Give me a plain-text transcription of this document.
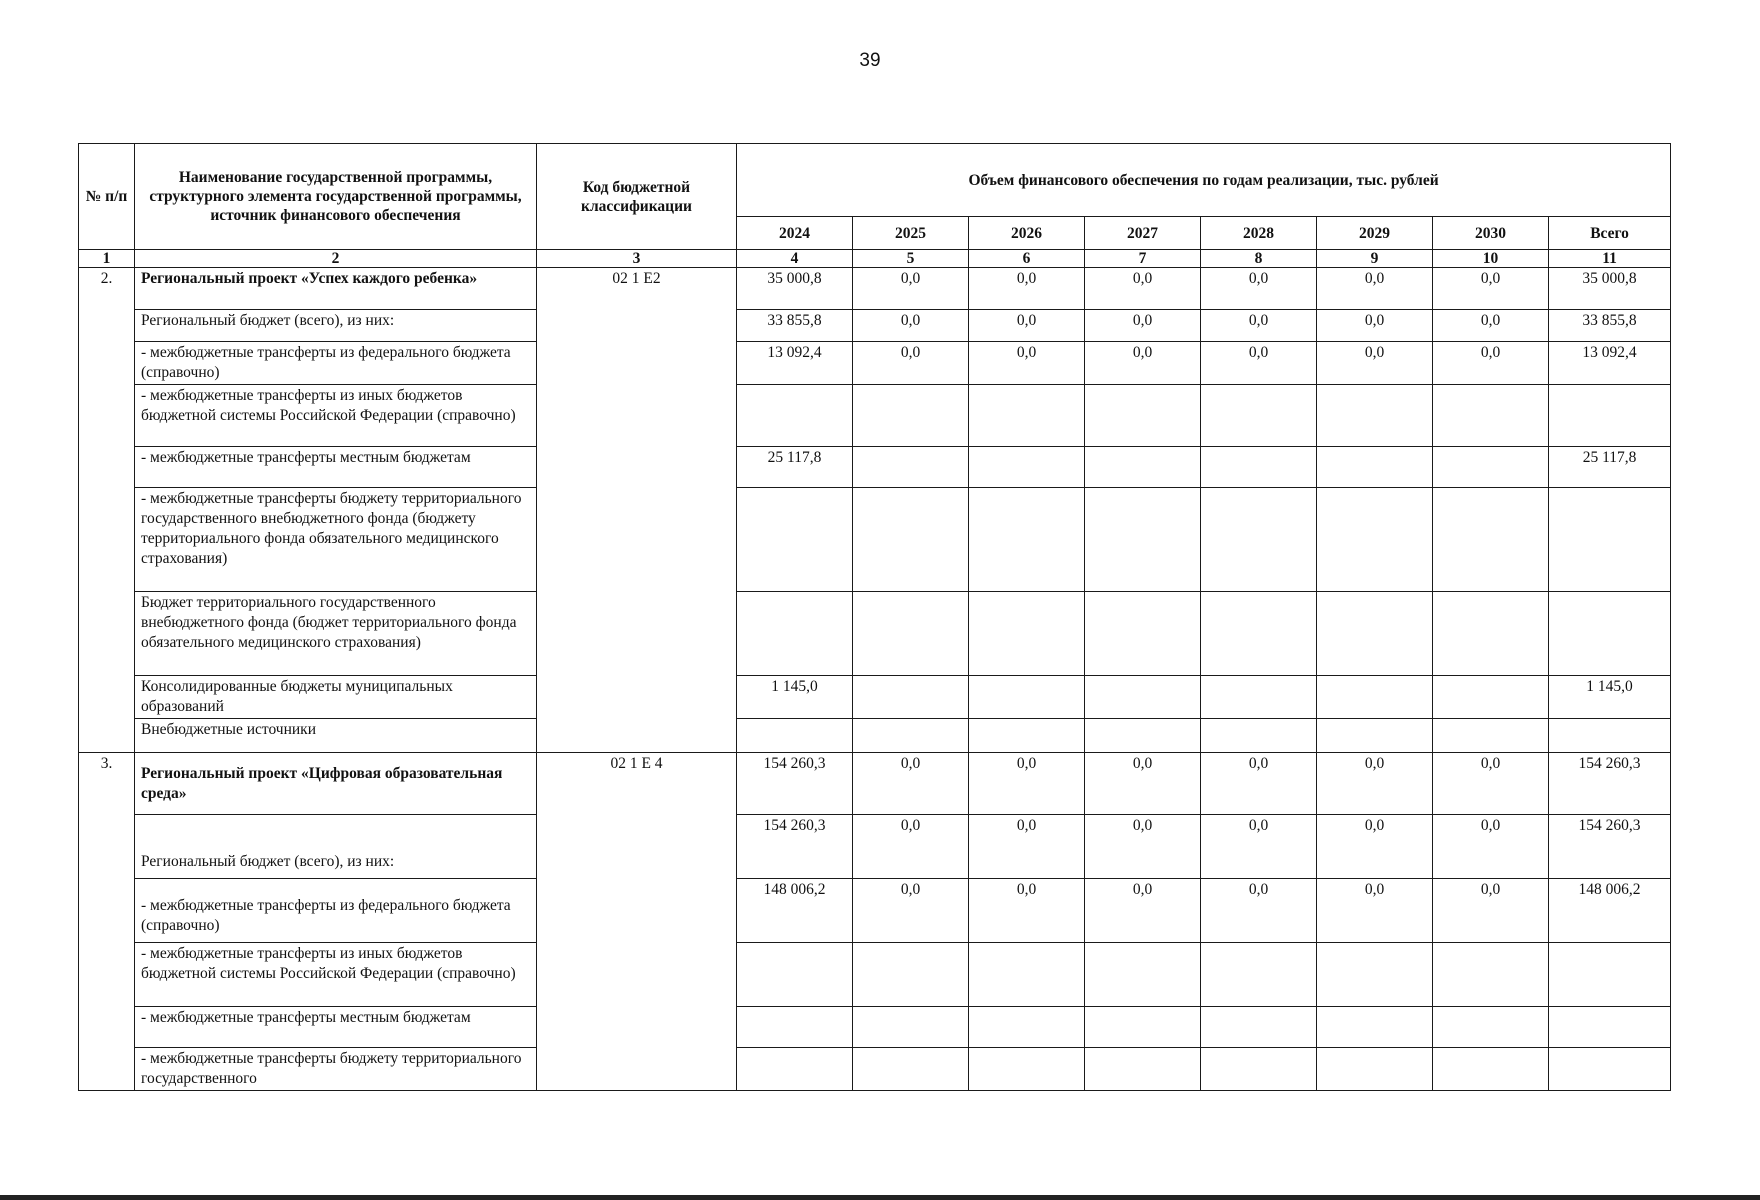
39
№ п/п	Наименование государственной программы, структурного элемента государственной программы, источник финансового обеспечения	Код бюджетной классификации	Объем финансового обеспечения по годам реализации, тыс. рублей							
			2024	2025	2026	2027	2028	2029	2030	Всего
1	2	3	4	5	6	7	8	9	10	11
2.	Региональный проект «Успех каждого ребенка»	02 1 E2	35 000,8	0,0	0,0	0,0	0,0	0,0	0,0	35 000,8
	Региональный бюджет (всего), из них:		33 855,8	0,0	0,0	0,0	0,0	0,0	0,0	33 855,8
	- межбюджетные трансферты из федерального бюджета (справочно)		13 092,4	0,0	0,0	0,0	0,0	0,0	0,0	13 092,4
	- межбюджетные трансферты из иных бюджетов бюджетной системы Российской Федерации (справочно)									
	- межбюджетные трансферты местным бюджетам		25 117,8							25 117,8
	- межбюджетные трансферты бюджету территориального государственного внебюджетного фонда (бюджету территориального фонда обязательного медицинского страхования)									
	Бюджет территориального государственного внебюджетного фонда (бюджет территориального фонда обязательного медицинского страхования)									
	Консолидированные бюджеты муниципальных образований		1 145,0							1 145,0
	Внебюджетные источники									
3.	Региональный проект «Цифровая образовательная среда»	02 1 E 4	154 260,3	0,0	0,0	0,0	0,0	0,0	0,0	154 260,3
	Региональный бюджет (всего), из них:		154 260,3	0,0	0,0	0,0	0,0	0,0	0,0	154 260,3
	- межбюджетные трансферты из федерального бюджета (справочно)		148 006,2	0,0	0,0	0,0	0,0	0,0	0,0	148 006,2
	- межбюджетные трансферты из иных бюджетов бюджетной системы Российской Федерации (справочно)									
	- межбюджетные трансферты местным бюджетам									
	- межбюджетные трансферты бюджету территориального государственного									
